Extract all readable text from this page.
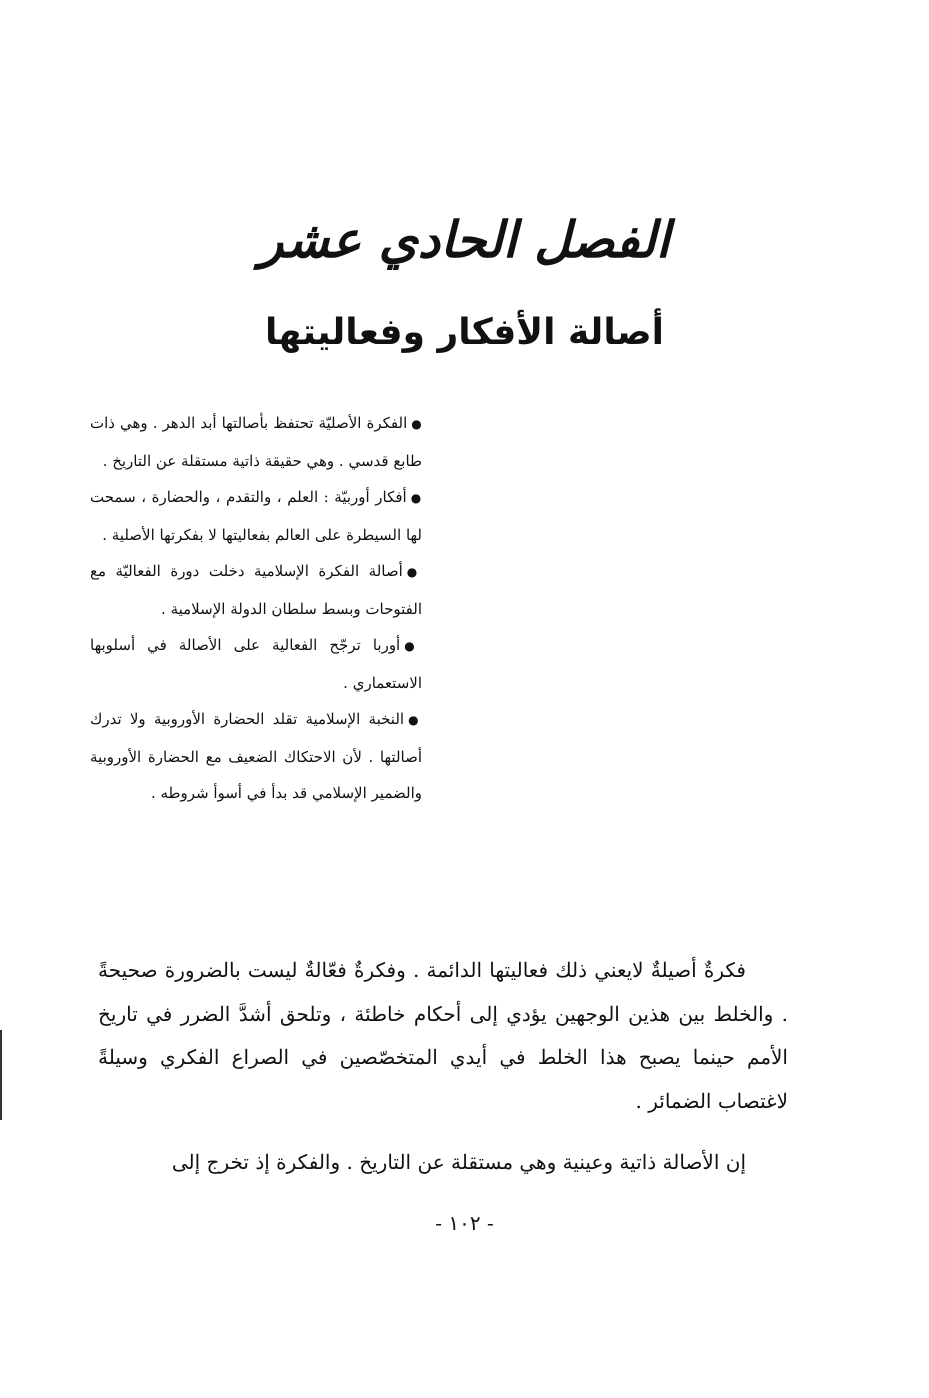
الفصل الحادي عشر
أصالة الأفكار وفعاليتها
●الفكرة الأصليّة تحتفظ بأصالتها أبد الدهر . وهي ذات طابع قدسي . وهي حقيقة ذاتية مستقلة عن التاريخ .
●أفكار أوربيّة : العلم ، والتقدم ، والحضارة ، سمحت لها السيطرة على العالم بفعاليتها لا بفكرتها الأصلية .
●أصالة الفكرة الإسلامية دخلت دورة الفعاليّة مع الفتوحات وبسط سلطان الدولة الإسلامية .
●أوربا ترجّح الفعالية على الأصالة في أسلوبها الاستعماري .
●النخبة الإسلامية تقلد الحضارة الأوروبية ولا تدرك أصالتها . لأن الاحتكاك الضعيف مع الحضارة الأوروبية والضمير الإسلامي قد بدأ في أسوأ شروطه .

فكرةٌ أصيلةٌ لايعني ذلك فعاليتها الدائمة . وفكرةٌ فعّالةٌ ليست بالضرورة صحيحةً . والخلط بين هذين الوجهين يؤدي إلى أحكام خاطئة ، وتلحق أشدَّ الضرر في تاريخ الأمم حينما يصبح هذا الخلط في أيدي المتخصّصين في الصراع الفكري وسيلةً لاغتصاب الضمائر .

إن الأصالة ذاتية وعينية وهي مستقلة عن التاريخ . والفكرة إذ تخرج إلى

- ١٠٢ -
